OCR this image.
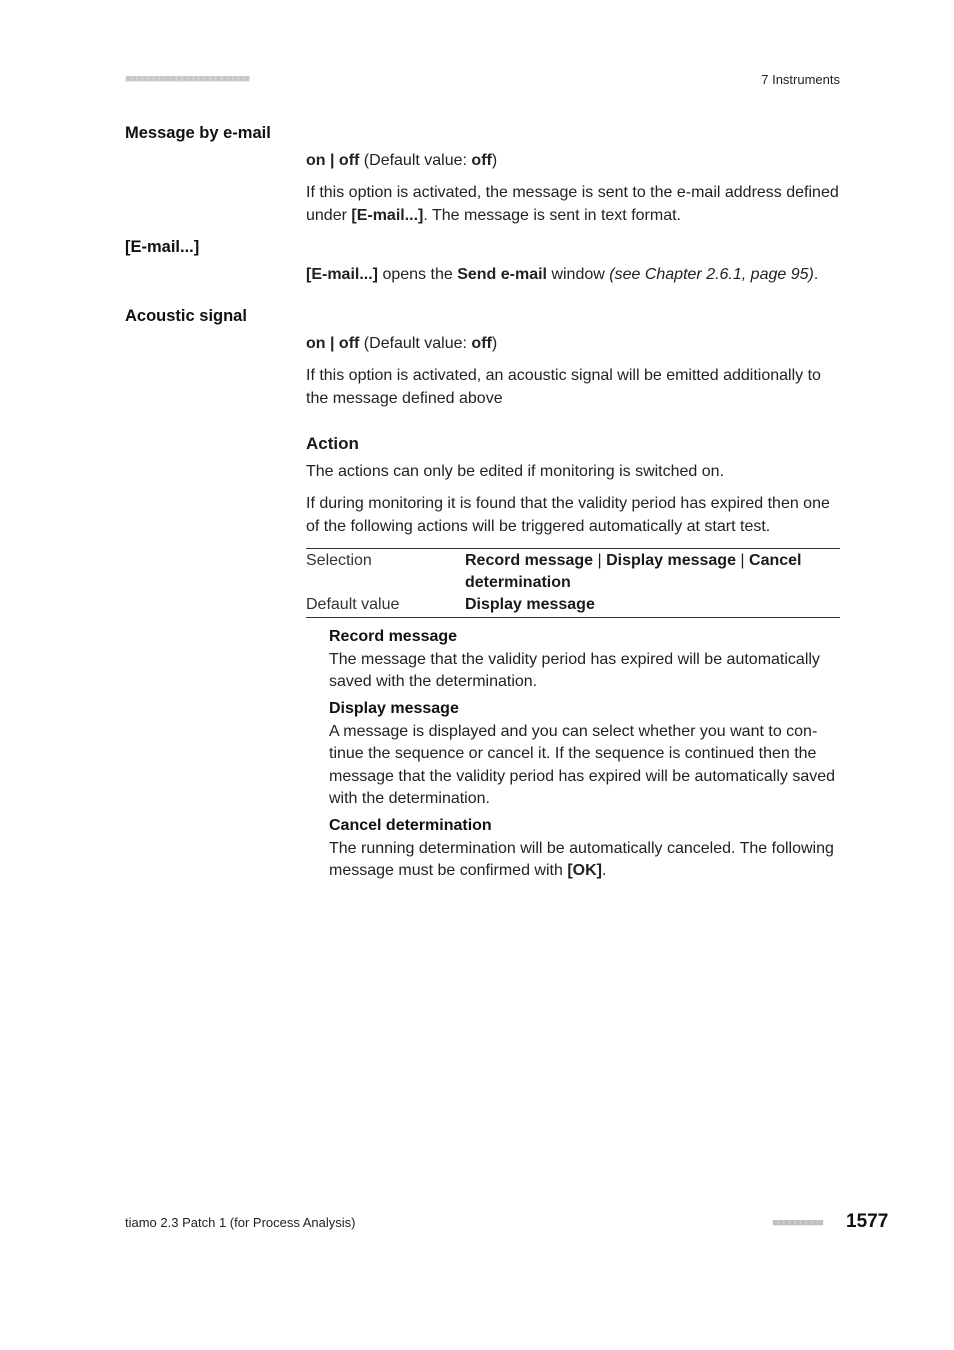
■■■■■■■■■■■■■■■■■■■■■■	7 Instruments
Message by e-mail
on | off (Default value: off)
If this option is activated, the message is sent to the e-mail address defined under [E-mail...]. The message is sent in text format.
[E-mail...]
[E-mail...] opens the Send e-mail window (see Chapter 2.6.1, page 95).
Acoustic signal
on | off (Default value: off)
If this option is activated, an acoustic signal will be emitted additionally to the message defined above
Action
The actions can only be edited if monitoring is switched on.
If during monitoring it is found that the validity period has expired then one of the following actions will be triggered automatically at start test.
Selection	Record message | Display message | Cancel determination
Default value	Display message
Record message
The message that the validity period has expired will be automatically saved with the determination.
Display message
A message is displayed and you can select whether you want to continue the sequence or cancel it. If the sequence is continued then the message that the validity period has expired will be automatically saved with the determination.
Cancel determination
The running determination will be automatically canceled. The following message must be confirmed with [OK].
tiamo 2.3 Patch 1 (for Process Analysis)	■■■■■■■■■ 1577
